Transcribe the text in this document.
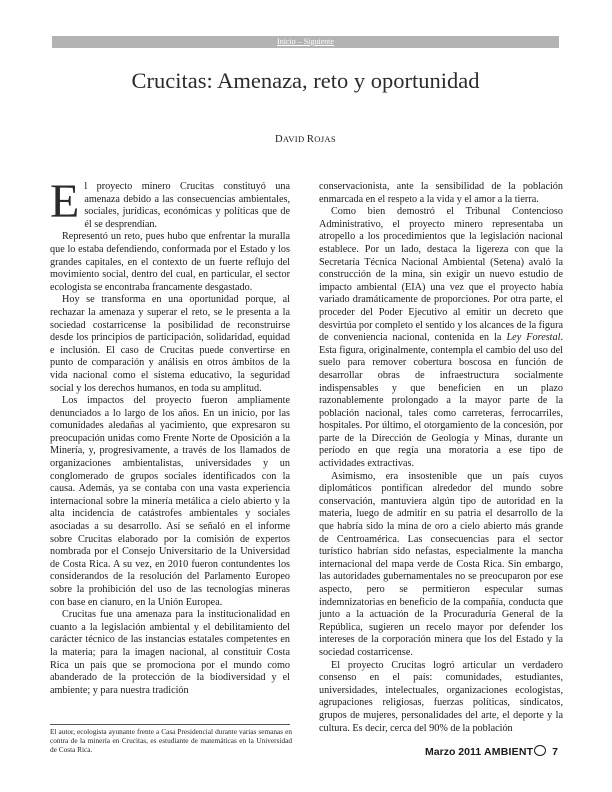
Inicio – Siguiente
Crucitas: Amenaza, reto y oportunidad
DAVID ROJAS

El proyecto minero Crucitas constituyó una amenaza debido a las consecuencias ambientales, sociales, jurídicas, económicas y políticas que de él se desprendían.

Representó un reto, pues hubo que enfrentar la muralla que lo estaba defendiendo, conformada por el Estado y los grandes capitales, en el contexto de un fuerte reflujo del movimiento social, dentro del cual, en particular, el sector ecologista se encontraba francamente desgastado.

Hoy se transforma en una oportunidad porque, al rechazar la amenaza y superar el reto, se le presenta a la sociedad costarricense la posibilidad de reconstruirse desde los principios de participación, solidaridad, equidad e inclusión. El caso de Crucitas puede convertirse en punto de comparación y análisis en otros ámbitos de la vida nacional como el sistema educativo, la seguridad social y los derechos humanos, en toda su amplitud.

Los impactos del proyecto fueron ampliamente denunciados a lo largo de los años. En un inicio, por las comunidades aledañas al yacimiento, que expresaron su preocupación unidas como Frente Norte de Oposición a la Minería, y, progresivamente, a través de los llamados de organizaciones ambientalistas, universidades y un conglomerado de grupos sociales identificados con la causa. Además, ya se contaba con una vasta experiencia internacional sobre la minería metálica a cielo abierto y la alta incidencia de catástrofes ambientales y sociales asociadas a su desarrollo. Así se señaló en el informe sobre Crucitas elaborado por la comisión de expertos nombrada por el Consejo Universitario de la Universidad de Costa Rica. A su vez, en 2010 fueron contundentes los considerandos de la resolución del Parlamento Europeo sobre la prohibición del uso de las tecnologías mineras con base en cianuro, en la Unión Europea.

Crucitas fue una amenaza para la institucionalidad en cuanto a la legislación ambiental y el debilitamiento del carácter técnico de las instancias estatales competentes en la materia; para la imagen nacional, al constituir Costa Rica un país que se promociona por el mundo como abanderado de la protección de la biodiversidad y el ambiente; y para nuestra tradición

conservacionista, ante la sensibilidad de la población enmarcada en el respeto a la vida y el amor a la tierra.

Como bien demostró el Tribunal Contencioso Administrativo, el proyecto minero representaba un atropello a los procedimientos que la legislación nacional establece. Por un lado, destaca la ligereza con que la Secretaría Técnica Nacional Ambiental (Setena) avaló la construcción de la mina, sin exigir un nuevo estudio de impacto ambiental (EIA) una vez que el proyecto había variado dramáticamente de proporciones. Por otra parte, el proceder del Poder Ejecutivo al emitir un decreto que desvirtúa por completo el sentido y los alcances de la figura de conveniencia nacional, contenida en la Ley Forestal. Esta figura, originalmente, contempla el cambio del uso del suelo para remover cobertura boscosa en función de desarrollar obras de infraestructura socialmente indispensables y que beneficien en un plazo razonablemente prolongado a la mayor parte de la población nacional, tales como carreteras, ferrocarriles, hospitales. Por último, el otorgamiento de la concesión, por parte de la Dirección de Geología y Minas, durante un período en que regía una moratoria a ese tipo de actividades extractivas.

Asimismo, era insostenible que un país cuyos diplomáticos pontifican alrededor del mundo sobre conservación, mantuviera algún tipo de autoridad en la materia, luego de admitir en su patria el desarrollo de la que habría sido la mina de oro a cielo abierto más grande de Centroamérica. Las consecuencias para el sector turístico habrían sido nefastas, especialmente la mancha internacional del mapa verde de Costa Rica. Sin embargo, las autoridades gubernamentales no se preocuparon por ese aspecto, pero se permitieron especular sumas indemnizatorias en beneficio de la compañía, conducta que junto a la actuación de la Procuraduría General de la República, sugieren un recelo mayor por defender los intereses de la corporación minera que los del Estado y la sociedad costarricense.

El proyecto Crucitas logró articular un verdadero consenso en el país: comunidades, estudiantes, universidades, intelectuales, organizaciones ecologistas, agrupaciones religiosas, fuerzas políticas, sindicatos, grupos de mujeres, personalidades del arte, el deporte y la cultura. Es decir, cerca del 90% de la población

El autor, ecologista ayunante frente a Casa Presidencial durante varias semanas en contra de la minería en Crucitas, es estudiante de matemáticas en la Universidad de Costa Rica.	Marzo 2011 AMBIENT 7
